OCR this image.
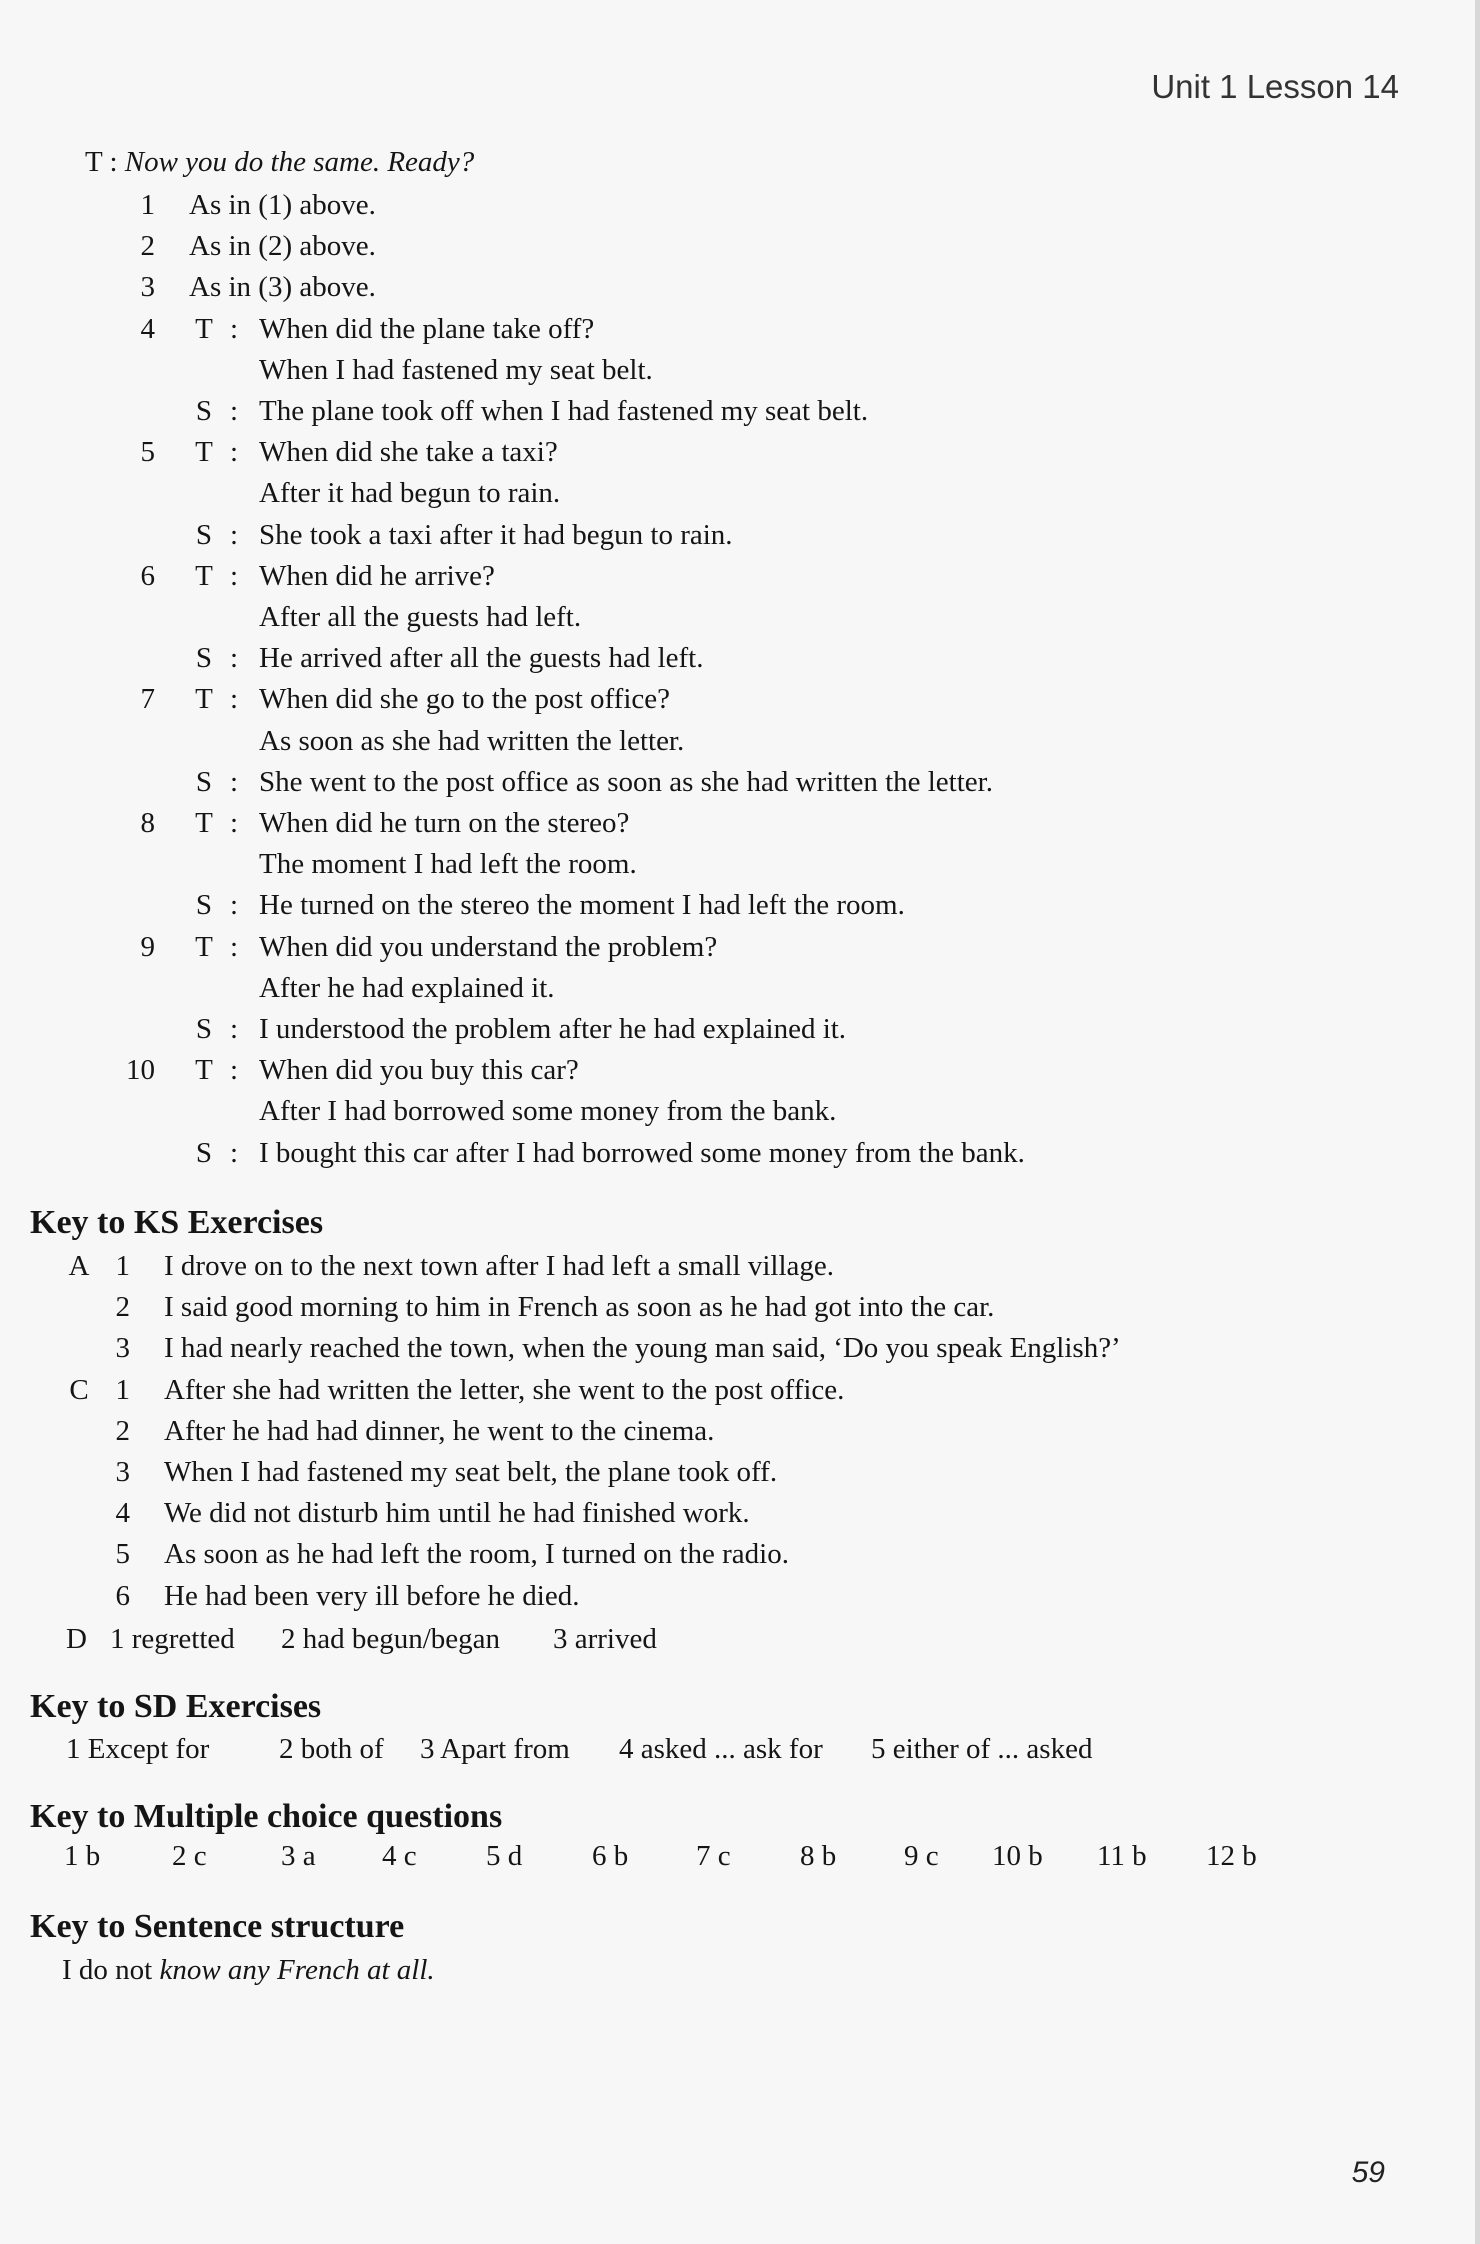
Unit 1 Lesson 14
T : Now you do the same. Ready?
1 As in (1) above.
2 As in (2) above.
3 As in (3) above.
4 T : When did the plane take off?
When I had fastened my seat belt.
S : The plane took off when I had fastened my seat belt.
5 T : When did she take a taxi?
After it had begun to rain.
S : She took a taxi after it had begun to rain.
6 T : When did he arrive?
After all the guests had left.
S : He arrived after all the guests had left.
7 T : When did she go to the post office?
As soon as she had written the letter.
S : She went to the post office as soon as she had written the letter.
8 T : When did he turn on the stereo?
The moment I had left the room.
S : He turned on the stereo the moment I had left the room.
9 T : When did you understand the problem?
After he had explained it.
S : I understood the problem after he had explained it.
10 T : When did you buy this car?
After I had borrowed some money from the bank.
S : I bought this car after I had borrowed some money from the bank.
Key to KS Exercises
A 1 I drove on to the next town after I had left a small village.
2 I said good morning to him in French as soon as he had got into the car.
3 I had nearly reached the town, when the young man said, ‘Do you speak English?’
C 1 After she had written the letter, she went to the post office.
2 After he had had dinner, he went to the cinema.
3 When I had fastened my seat belt, the plane took off.
4 We did not disturb him until he had finished work.
5 As soon as he had left the room, I turned on the radio.
6 He had been very ill before he died.
D 1 regretted 2 had begun/began 3 arrived
Key to SD Exercises
1 Except for 2 both of 3 Apart from 4 asked ... ask for 5 either of ... asked
Key to Multiple choice questions
1 b 2 c	3 a 4 c 5 d 6 b 7 c 8 b 9 c 10 b 11 b 12 b
Key to Sentence structure
I do not know any French at all.
59
